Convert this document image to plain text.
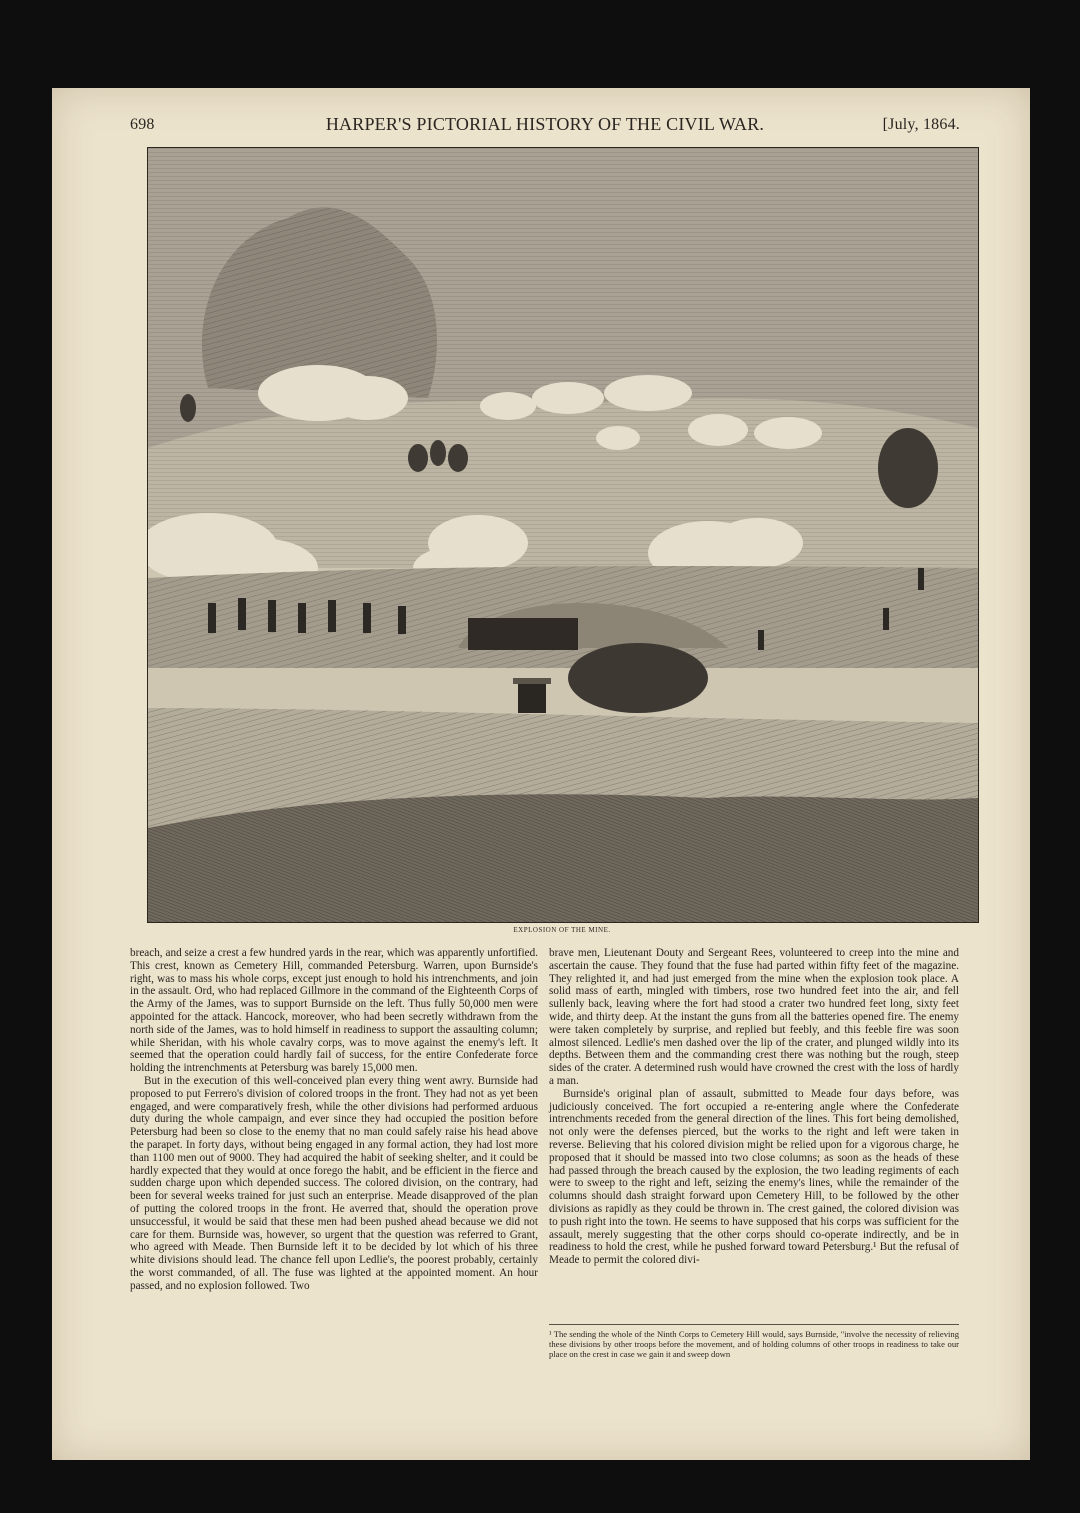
698	HARPER'S PICTORIAL HISTORY OF THE CIVIL WAR.	[July, 1864.
EXPLOSION OF THE MINE.

breach, and seize a crest a few hundred yards in the rear, which was apparently unfortified. This crest, known as Cemetery Hill, commanded Petersburg. Warren, upon Burnside's right, was to mass his whole corps, except just enough to hold his intrenchments, and join in the assault. Ord, who had replaced Gillmore in the command of the Eighteenth Corps of the Army of the James, was to support Burnside on the left. Thus fully 50,000 men were appointed for the attack. Hancock, moreover, who had been secretly withdrawn from the north side of the James, was to hold himself in readiness to support the assaulting column; while Sheridan, with his whole cavalry corps, was to move against the enemy's left. It seemed that the operation could hardly fail of success, for the entire Confederate force holding the intrenchments at Petersburg was barely 15,000 men.

But in the execution of this well-conceived plan every thing went awry. Burnside had proposed to put Ferrero's division of colored troops in the front. They had not as yet been engaged, and were comparatively fresh, while the other divisions had performed arduous duty during the whole campaign, and ever since they had occupied the position before Petersburg had been so close to the enemy that no man could safely raise his head above the parapet. In forty days, without being engaged in any formal action, they had lost more than 1100 men out of 9000. They had acquired the habit of seeking shelter, and it could be hardly expected that they would at once forego the habit, and be efficient in the fierce and sudden charge upon which depended success. The colored division, on the contrary, had been for several weeks trained for just such an enterprise. Meade disapproved of the plan of putting the colored troops in the front. He averred that, should the operation prove unsuccessful, it would be said that these men had been pushed ahead because we did not care for them. Burnside was, however, so urgent that the question was referred to Grant, who agreed with Meade. Then Burnside left it to be decided by lot which of his three white divisions should lead. The chance fell upon Ledlie's, the poorest probably, certainly the worst commanded, of all. The fuse was lighted at the appointed moment. An hour passed, and no explosion followed. Two

brave men, Lieutenant Douty and Sergeant Rees, volunteered to creep into the mine and ascertain the cause. They found that the fuse had parted within fifty feet of the magazine. They relighted it, and had just emerged from the mine when the explosion took place. A solid mass of earth, mingled with timbers, rose two hundred feet into the air, and fell sullenly back, leaving where the fort had stood a crater two hundred feet long, sixty feet wide, and thirty deep. At the instant the guns from all the batteries opened fire. The enemy were taken completely by surprise, and replied but feebly, and this feeble fire was soon almost silenced. Ledlie's men dashed over the lip of the crater, and plunged wildly into its depths. Between them and the commanding crest there was nothing but the rough, steep sides of the crater. A determined rush would have crowned the crest with the loss of hardly a man.

Burnside's original plan of assault, submitted to Meade four days before, was judiciously conceived. The fort occupied a re-entering angle where the Confederate intrenchments receded from the general direction of the lines. This fort being demolished, not only were the defenses pierced, but the works to the right and left were taken in reverse. Believing that his colored division might be relied upon for a vigorous charge, he proposed that it should be massed into two close columns; as soon as the heads of these had passed through the breach caused by the explosion, the two leading regiments of each were to sweep to the right and left, seizing the enemy's lines, while the remainder of the columns should dash straight forward upon Cemetery Hill, to be followed by the other divisions as rapidly as they could be thrown in. The crest gained, the colored division was to push right into the town. He seems to have supposed that his corps was sufficient for the assault, merely suggesting that the other corps should co-operate indirectly, and be in readiness to hold the crest, while he pushed forward toward Petersburg.¹ But the refusal of Meade to permit the colored divi-

¹ The sending the whole of the Ninth Corps to Cemetery Hill would, says Burnside, "involve the necessity of relieving these divisions by other troops before the movement, and of holding columns of other troops in readiness to take our place on the crest in case we gain it and sweep down
